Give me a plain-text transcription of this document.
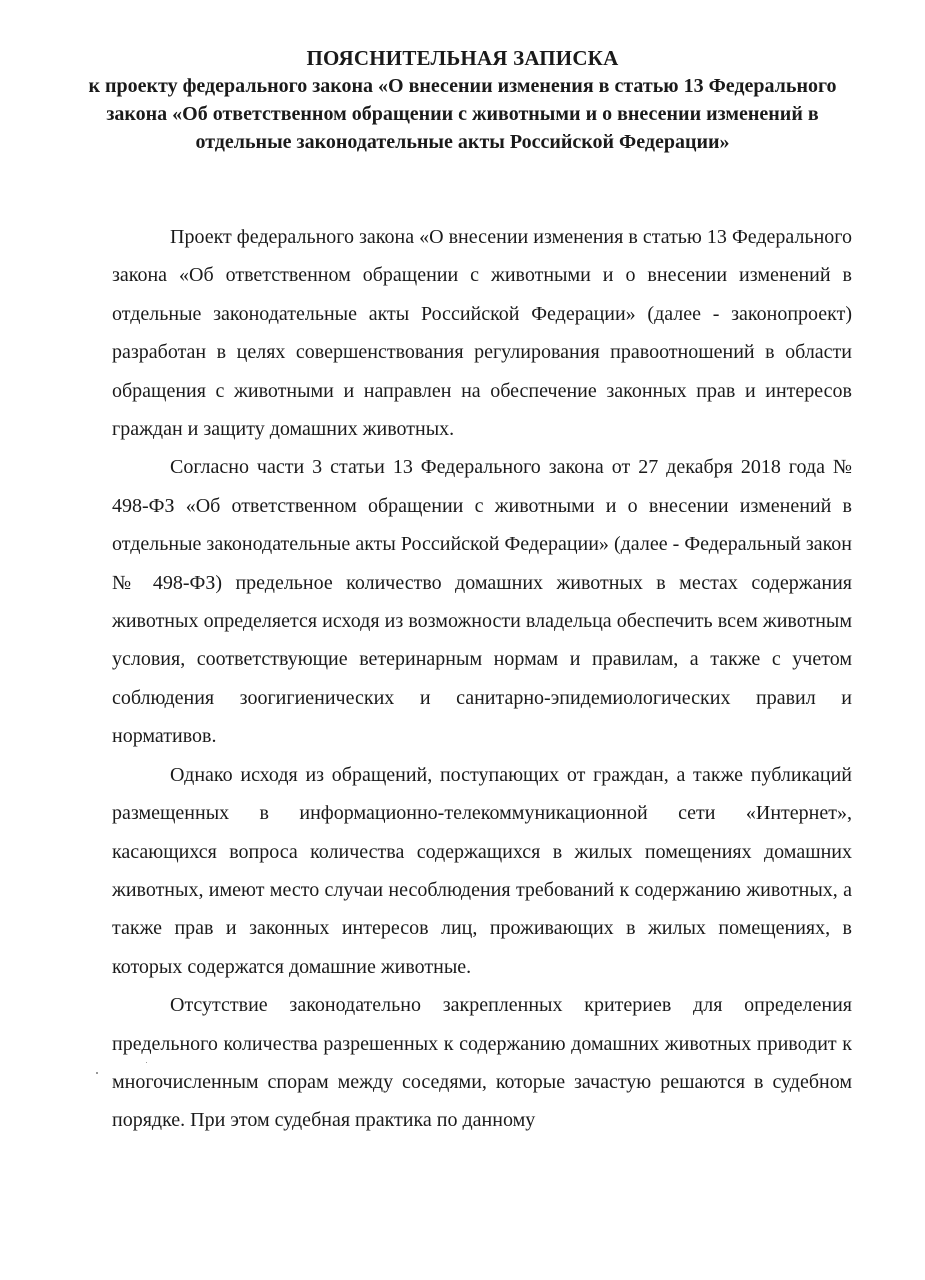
ПОЯСНИТЕЛЬНАЯ ЗАПИСКА
к проекту федерального закона «О внесении изменения в статью 13 Федерального закона «Об ответственном обращении с животными и о внесении изменений в отдельные законодательные акты Российской Федерации»

Проект федерального закона «О внесении изменения в статью 13 Федерального закона «Об ответственном обращении с животными и о внесении изменений в отдельные законодательные акты Российской Федерации» (далее - законопроект) разработан в целях совершенствования регулирования правоотношений в области обращения с животными и направлен на обеспечение законных прав и интересов граждан и защиту домашних животных.

Согласно части 3 статьи 13 Федерального закона от 27 декабря 2018 года № 498-ФЗ «Об ответственном обращении с животными и о внесении изменений в отдельные законодательные акты Российской Федерации» (далее - Федеральный закон № 498-ФЗ) предельное количество домашних животных в местах содержания животных определяется исходя из возможности владельца обеспечить всем животным условия, соответствующие ветеринарным нормам и правилам, а также с учетом соблюдения зоогигиенических и санитарно-эпидемиологических правил и нормативов.

Однако исходя из обращений, поступающих от граждан, а также публикаций размещенных в информационно-телекоммуникационной сети «Интернет», касающихся вопроса количества содержащихся в жилых помещениях домашних животных, имеют место случаи несоблюдения требований к содержанию животных, а также прав и законных интересов лиц, проживающих в жилых помещениях, в которых содержатся домашние животные.

Отсутствие законодательно закрепленных критериев для определения предельного количества разрешенных к содержанию домашних животных приводит к многочисленным спорам между соседями, которые зачастую решаются в судебном порядке. При этом судебная практика по данному
